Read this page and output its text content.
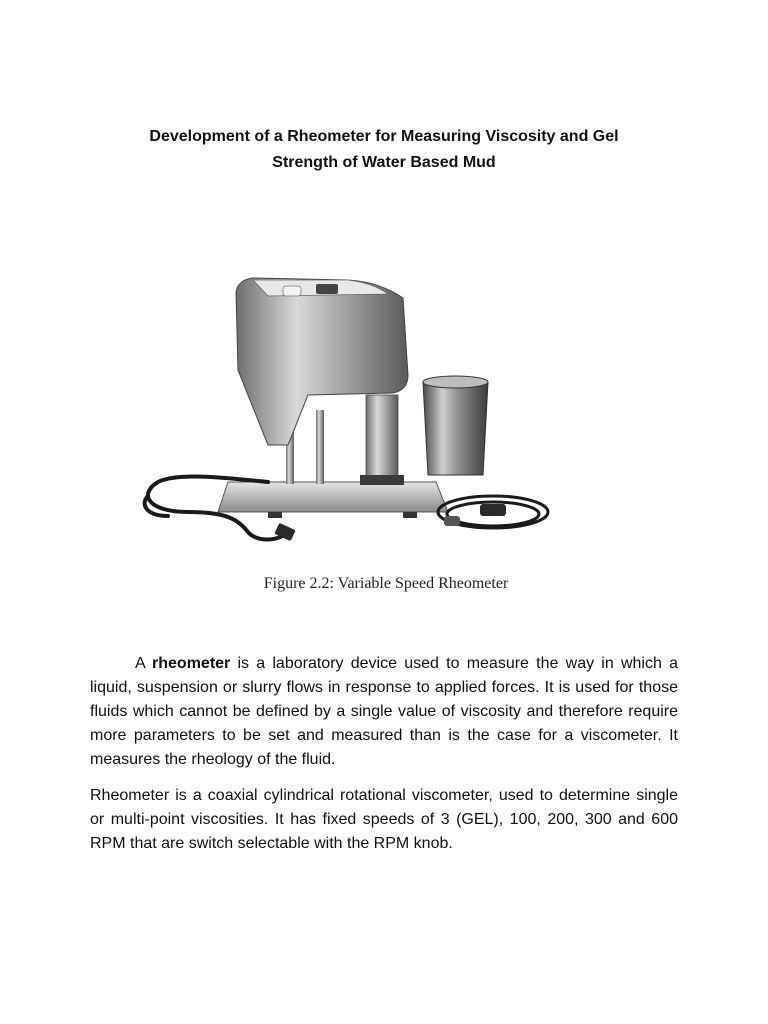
Development of a Rheometer for Measuring Viscosity and Gel
Strength of Water Based Mud
Figure 2.2: Variable Speed Rheometer

A rheometer is a laboratory device used to measure the way in which a liquid, suspension or slurry flows in response to applied forces. It is used for those fluids which cannot be defined by a single value of viscosity and therefore require more parameters to be set and measured than is the case for a viscometer. It measures the rheology of the fluid.

Rheometer is a coaxial cylindrical rotational viscometer, used to determine single or multi-point viscosities. It has fixed speeds of 3 (GEL), 100, 200, 300 and 600 RPM that are switch selectable with the RPM knob.
